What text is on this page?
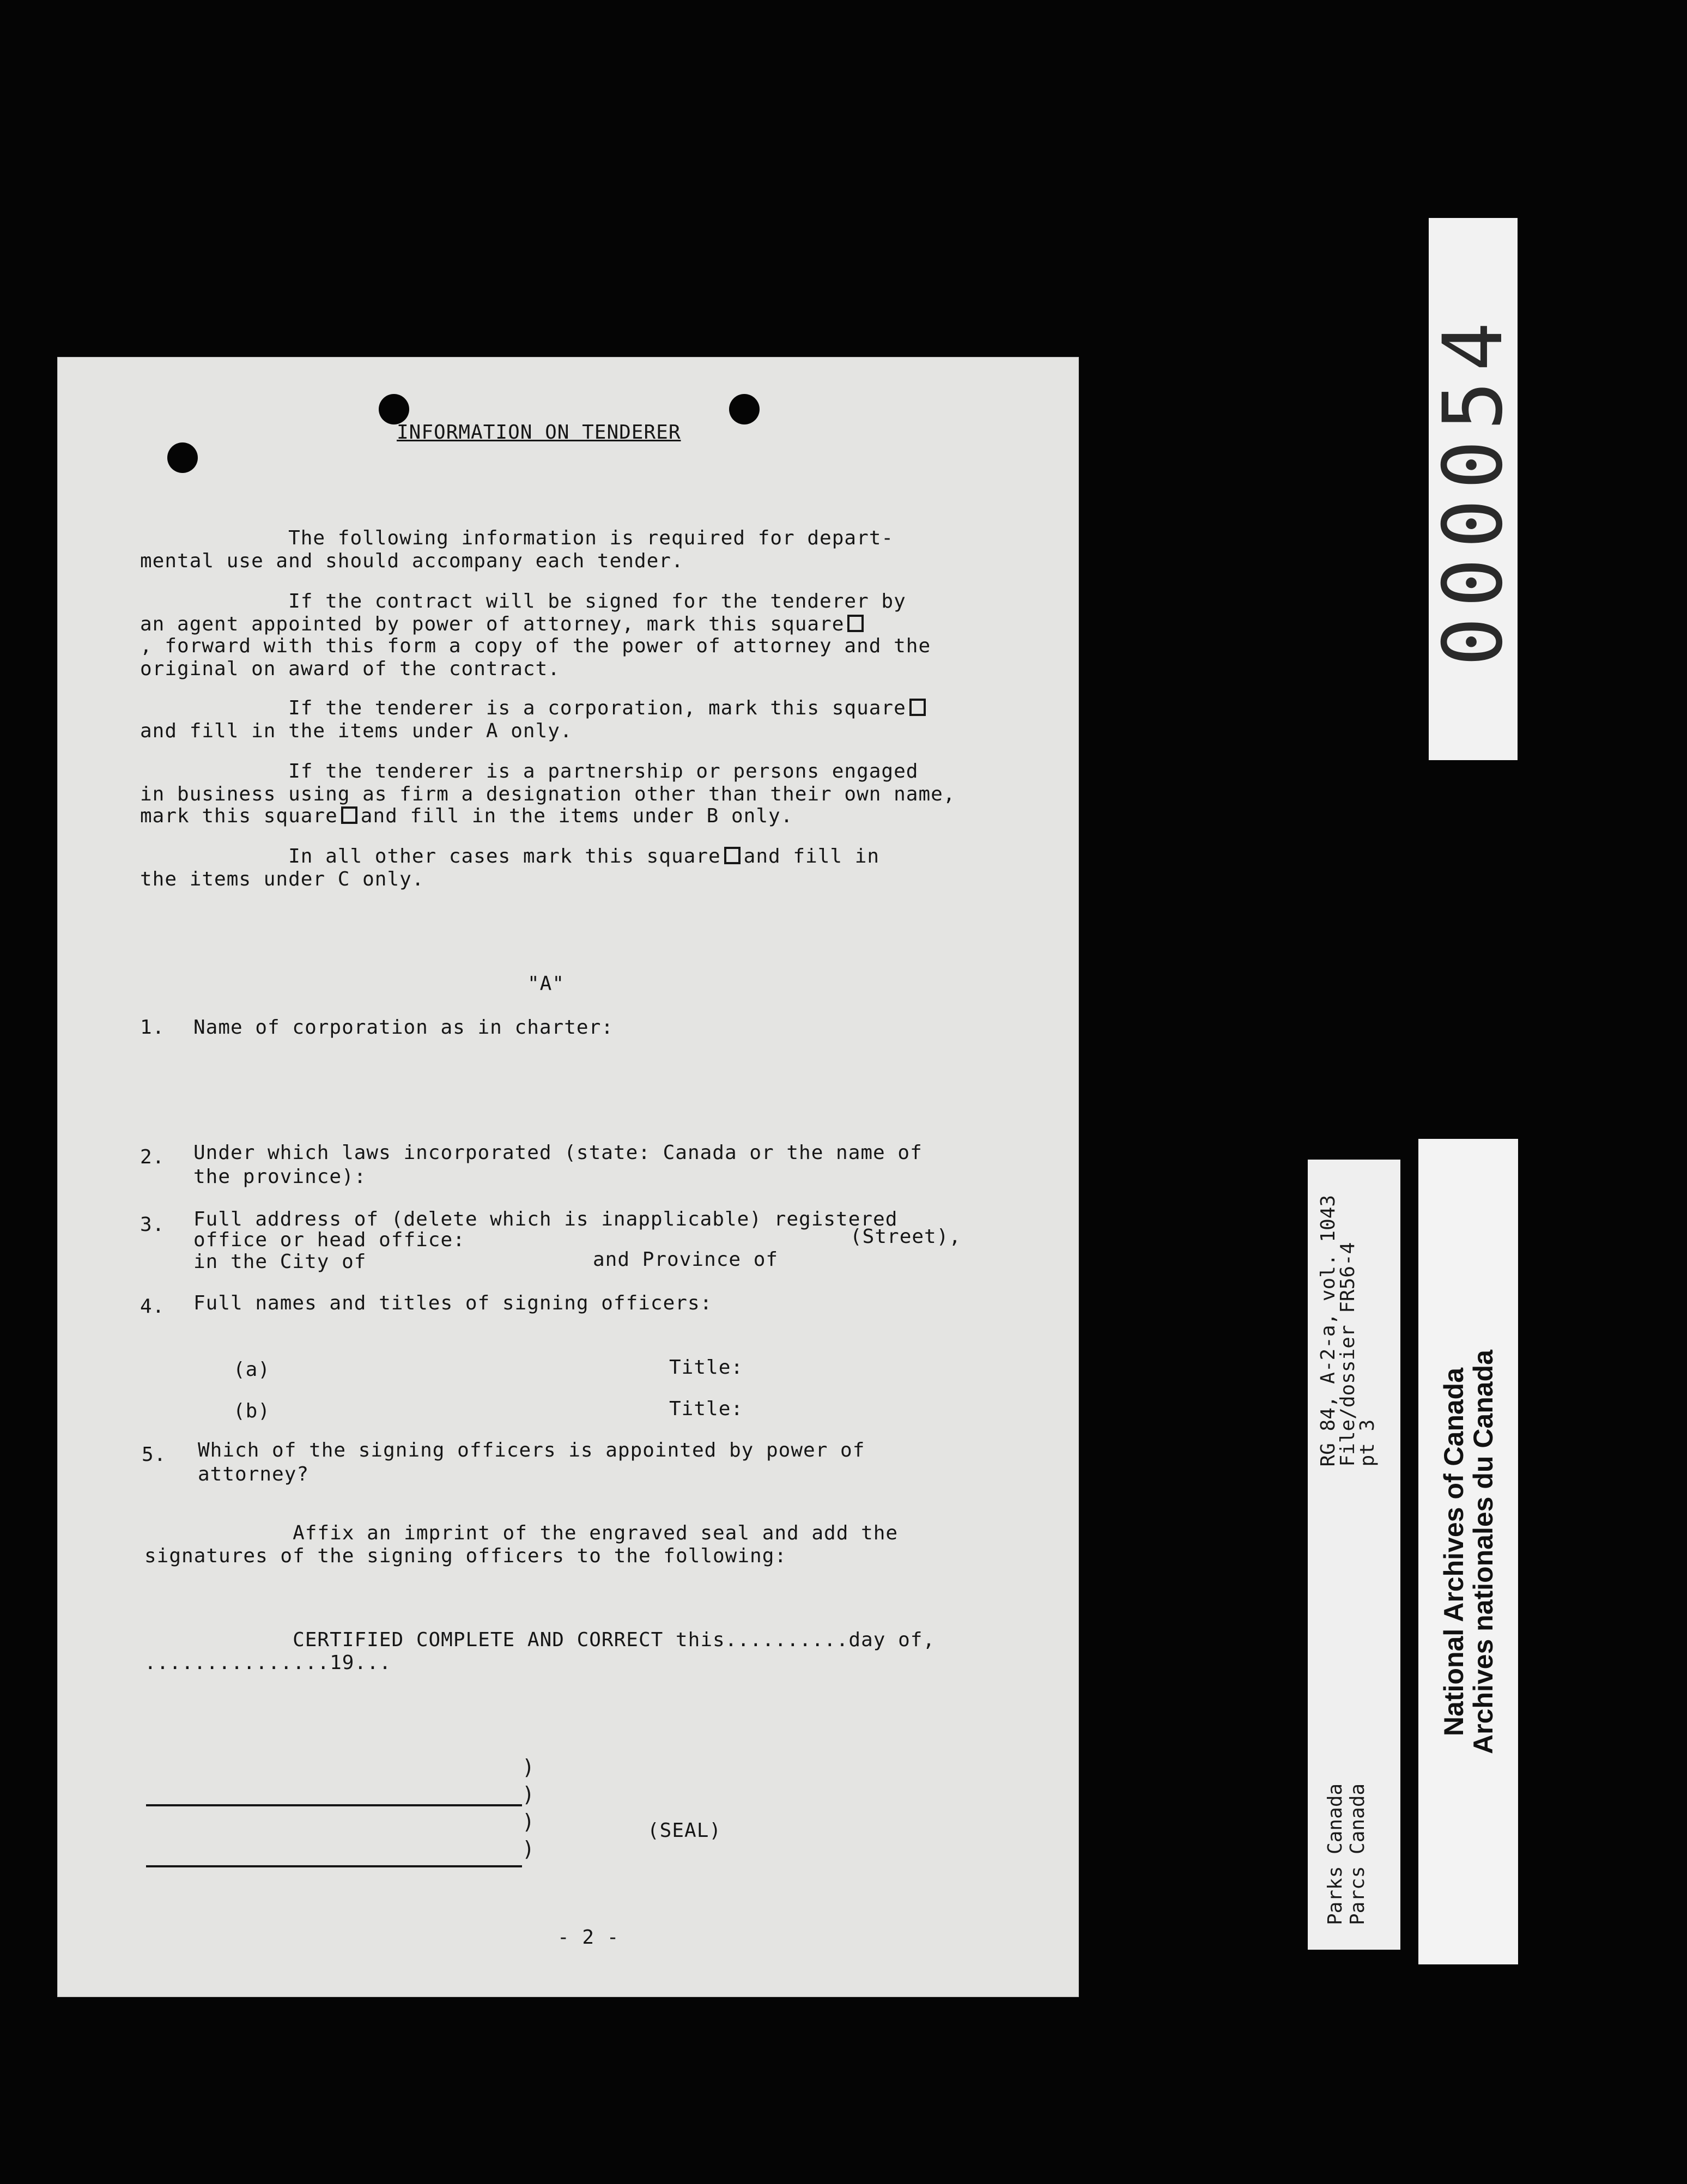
INFORMATION ON TENDERER
The following information is required for depart-
mental use and should accompany each tender.
If the contract will be signed for the tenderer by
an agent appointed by power of attorney, mark this square
, forward with this form a copy of the power of attorney and the
original on award of the contract.
If the tenderer is a corporation, mark this square
and fill in the items under A only.
If the tenderer is a partnership or persons engaged
in business using as firm a designation other than their own name,
mark this square and fill in the items under B only.
In all other cases mark this square and fill in
the items under C only.
"A"
1. Name of corporation as in charter:
2. Under which laws incorporated (state: Canada or the name of
the province):
3. Full address of (delete which is inapplicable) registered
office or head office:	(Street),
in the City of	and Province of
4. Full names and titles of signing officers:
(a)	Title:
(b)	Title:
5. Which of the signing officers is appointed by power of
attorney?
Affix an imprint of the engraved seal and add the
signatures of the signing officers to the following:
CERTIFIED COMPLETE AND CORRECT this..........day of,
...............19...
)
)
)
)
(SEAL)
- 2 -
000054
Parks Canada
Parcs Canada
RG 84, A-2-a, vol. 1043
File/dossier FR56-4
pt 3
National Archives of Canada
Archives nationales du Canada
